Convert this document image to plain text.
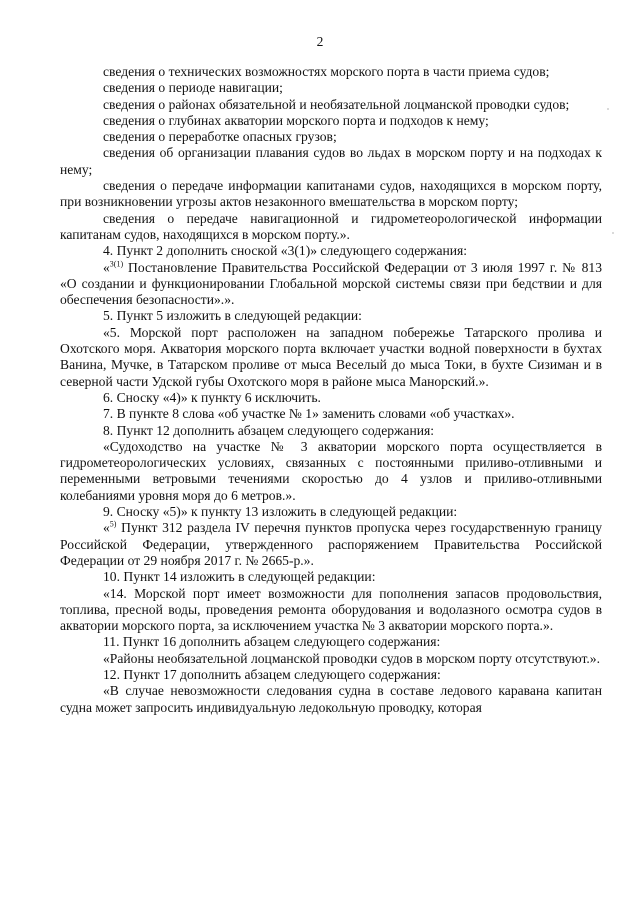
2

сведения о технических возможностях морского порта в части приема судов;

сведения о периоде навигации;

сведения о районах обязательной и необязательной лоцманской проводки судов;

сведения о глубинах акватории морского порта и подходов к нему;

сведения о переработке опасных грузов;

сведения об организации плавания судов во льдах в морском порту и на подходах к нему;

сведения о передаче информации капитанами судов, находящихся в морском порту, при возникновении угрозы актов незаконного вмешательства в морском порту;

сведения о передаче навигационной и гидрометеорологической информации капитанам судов, находящихся в морском порту.».

4. Пункт 2 дополнить сноской «3(1)» следующего содержания:

«$^{3(1)}$ Постановление Правительства Российской Федерации от 3 июля 1997 г. № 813 «О создании и функционировании Глобальной морской системы связи при бедствии и для обеспечения безопасности».».

5. Пункт 5 изложить в следующей редакции:

«5. Морской порт расположен на западном побережье Татарского пролива и Охотского моря. Акватория морского порта включает участки водной поверхности в бухтах Ванина, Мучке, в Татарском проливе от мыса Веселый до мыса Токи, в бухте Сизиман и в северной части Удской губы Охотского моря в районе мыса Манорский.».

6. Сноску «4)» к пункту 6 исключить.

7. В пункте 8 слова «об участке № 1» заменить словами «об участках».

8. Пункт 12 дополнить абзацем следующего содержания:

«Судоходство на участке № 3 акватории морского порта осуществляется в гидрометеорологических условиях, связанных с постоянными приливо-отливными и переменными ветровыми течениями скоростью до 4 узлов и приливо-отливными колебаниями уровня моря до 6 метров.».

9. Сноску «5)» к пункту 13 изложить в следующей редакции:

«$^{5)}$ Пункт 312 раздела IV перечня пунктов пропуска через государственную границу Российской Федерации, утвержденного распоряжением Правительства Российской Федерации от 29 ноября 2017 г. № 2665-р.».

10. Пункт 14 изложить в следующей редакции:

«14. Морской порт имеет возможности для пополнения запасов продовольствия, топлива, пресной воды, проведения ремонта оборудования и водолазного осмотра судов в акватории морского порта, за исключением участка № 3 акватории морского порта.».

11. Пункт 16 дополнить абзацем следующего содержания:

«Районы необязательной лоцманской проводки судов в морском порту отсутствуют.».

12. Пункт 17 дополнить абзацем следующего содержания:

«В случае невозможности следования судна в составе ледового каравана капитан судна может запросить индивидуальную ледокольную проводку, которая
